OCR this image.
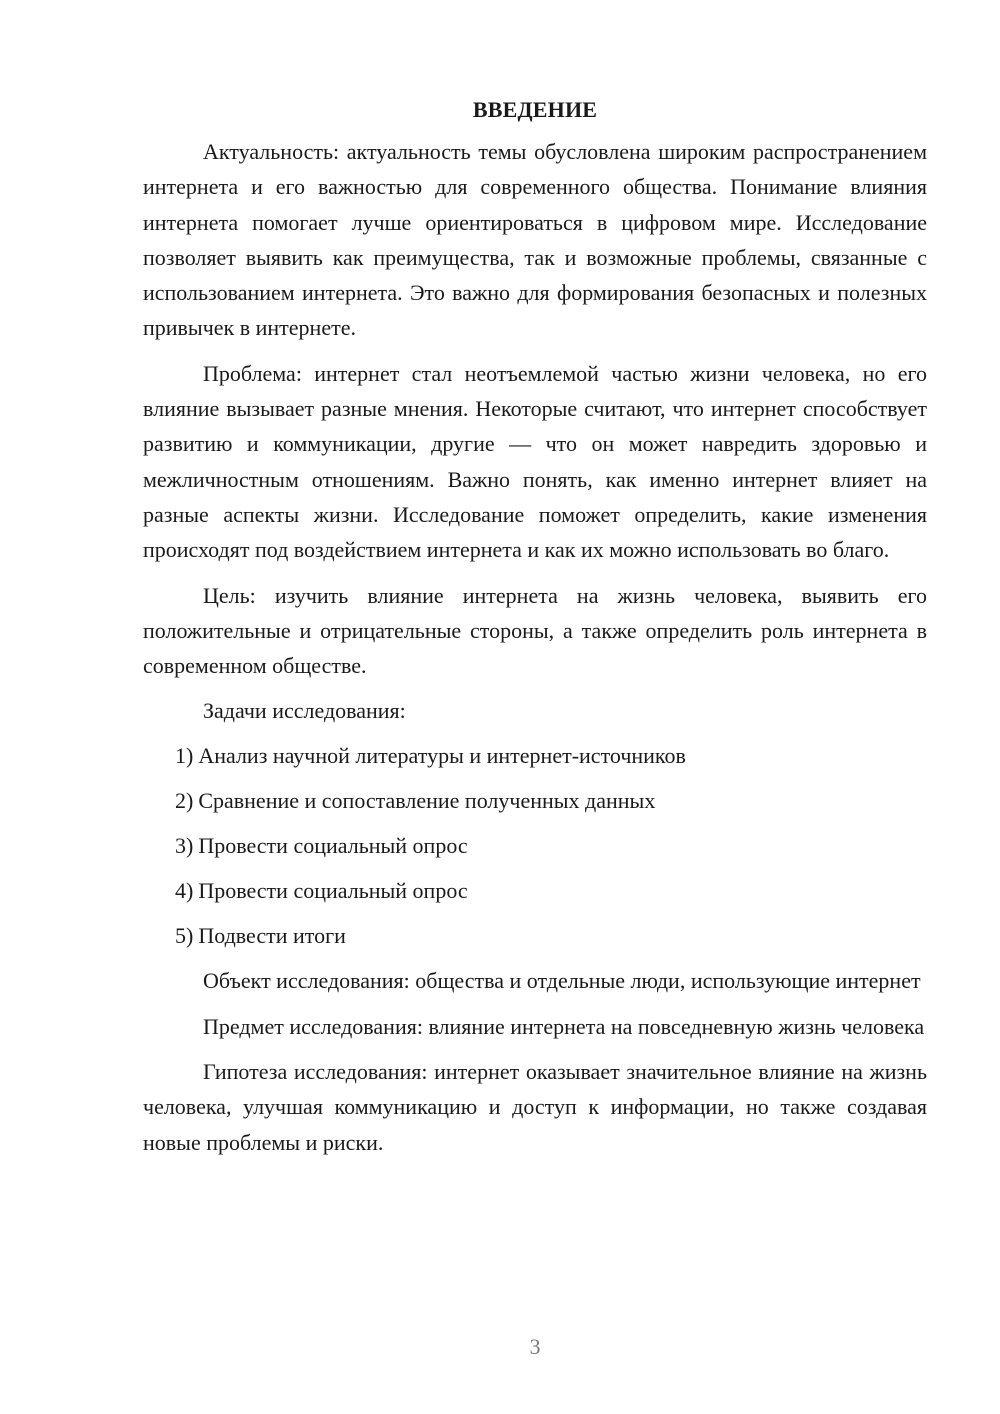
ВВЕДЕНИЕ

Актуальность: актуальность темы обусловлена широким распространением интернета и его важностью для современного общества. Понимание влияния интернета помогает лучше ориентироваться в цифровом мире. Исследование позволяет выявить как преимущества, так и возможные проблемы, связанные с использованием интернета. Это важно для формирования безопасных и полезных привычек в интернете.

Проблема: интернет стал неотъемлемой частью жизни человека, но его влияние вызывает разные мнения. Некоторые считают, что интернет способствует развитию и коммуникации, другие — что он может навредить здоровью и межличностным отношениям. Важно понять, как именно интернет влияет на разные аспекты жизни. Исследование поможет определить, какие изменения происходят под воздействием интернета и как их можно использовать во благо.

Цель: изучить влияние интернета на жизнь человека, выявить его положительные и отрицательные стороны, а также определить роль интернета в современном обществе.

Задачи исследования:

1) Анализ научной литературы и интернет-источников
2) Сравнение и сопоставление полученных данных
3) Провести социальный опрос
4) Провести социальный опрос
5) Подвести итоги

Объект исследования: общества и отдельные люди, использующие интернет

Предмет исследования: влияние интернета на повседневную жизнь человека

Гипотеза исследования: интернет оказывает значительное влияние на жизнь человека, улучшая коммуникацию и доступ к информации, но также создавая новые проблемы и риски.

3
